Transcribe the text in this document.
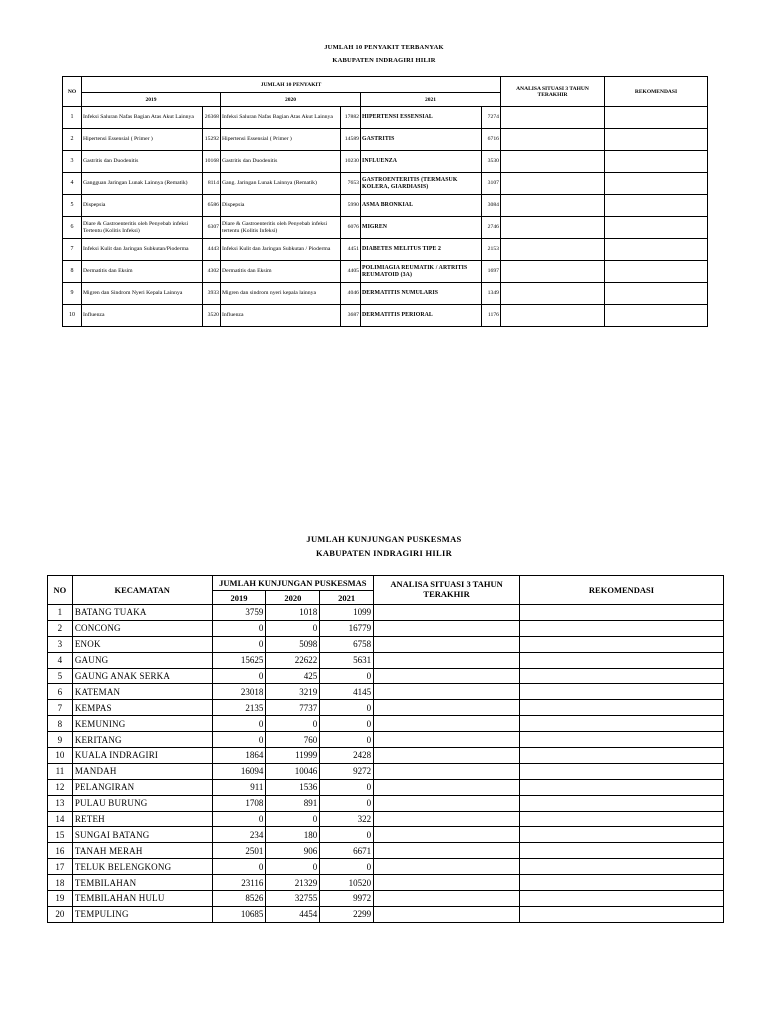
JUMLAH 10 PENYAKIT TERBANYAK
KABUPATEN INDRAGIRI HILIR
NO	JUMLAH 10 PENYAKIT						ANALISA SITUASI 3 TAHUN TERAKHIR	REKOMENDASI
	2019		2020		2021			
1	Infeksi Saluran Nafas Bagian Atas Akut Lainnya	26368	Infeksi Saluran Nafas Bagian Atas Akut Lainnya	17882	HIPERTENSI ESSENSIAL	7274		
2	Hipertensi Essensial ( Primer )	15292	Hipertensi Essensial ( Primer )	14589	GASTRITIS	6716		
3	Gastritis dan Duodenitis	10168	Gastritis dan Duodenitis	10230	INFLUENZA	3530		
4	Gangguan Jaringan Lunak Lainnya (Rematik)	8114	Gang. Jaringan Lunak Lainnya (Rematik)	7653	GASTROENTERITIS (TERMASUK KOLERA, GIARDIASIS)	3107		
5	Dispepsia	6586	Dispepsia	5990	ASMA BRONKIAL	3084		
6	Diare & Gastroenteritis oleh Penyebab infeksi Tertentu (Kolitis Infeksi)	6307	Diare & Gastroenteritis oleh Penyebab infeksi tertentu (Kolitis Infeksi)	6076	MIGREN	2746		
7	Infeksi Kulit dan Jaringan Subkutan/Pioderma	4443	Infeksi Kulit dan Jaringan Subkutan / Pioderma	4451	DIABETES MELITUS TIPE 2	2153		
8	Dermatitis dan Eksim	4302	Dermatitis dan Eksim	4405	POLIMIAGIA REUMATIK / ARTRITIS REUMATOID (3A)	1697		
9	Migren dan Sindrom Nyeri Kepala Lainnya	3933	Migren dan sindrom nyeri kepala lainnya	4046	DERMATITIS NUMULARIS	1349		
10	Influenza	3520	Influenza	3687	DERMATITIS PERIORAL	1176		
JUMLAH KUNJUNGAN PUSKESMAS
KABUPATEN INDRAGIRI HILIR
NO	KECAMATAN	JUMLAH KUNJUNGAN PUSKESMAS			ANALISA SITUASI 3 TAHUN TERAKHIR	REKOMENDASI
		2019	2020	2021		
1	BATANG TUAKA	3759	1018	1099		
2	CONCONG	0	0	16779		
3	ENOK	0	5098	6758		
4	GAUNG	15625	22622	5631		
5	GAUNG ANAK SERKA	0	425	0		
6	KATEMAN	23018	3219	4145		
7	KEMPAS	2135	7737	0		
8	KEMUNING	0	0	0		
9	KERITANG	0	760	0		
10	KUALA INDRAGIRI	1864	11999	2428		
11	MANDAH	16094	10046	9272		
12	PELANGIRAN	911	1536	0		
13	PULAU BURUNG	1708	891	0		
14	RETEH	0	0	322		
15	SUNGAI BATANG	234	180	0		
16	TANAH MERAH	2501	906	6671		
17	TELUK BELENGKONG	0	0	0		
18	TEMBILAHAN	23116	21329	10520		
19	TEMBILAHAN HULU	8526	32755	9972		
20	TEMPULING	10685	4454	2299		
